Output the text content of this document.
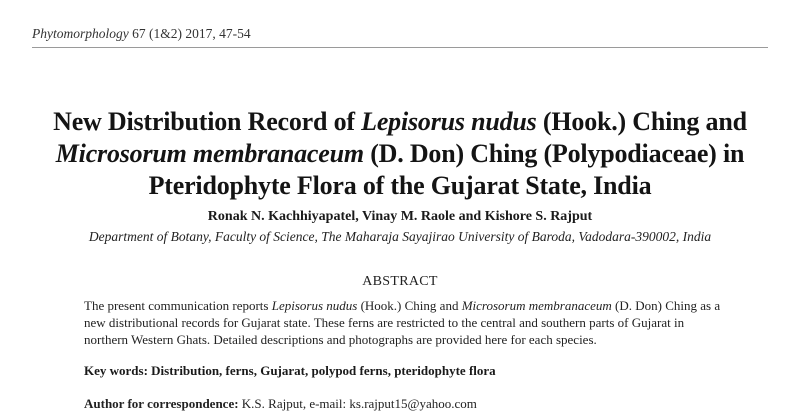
Phytomorphology 67 (1&2) 2017, 47-54
New Distribution Record of Lepisorus nudus (Hook.) Ching and
Microsorum membranaceum (D. Don) Ching (Polypodiaceae) in
Pteridophyte Flora of the Gujarat State, India
Ronak N. Kachhiyapatel, Vinay M. Raole and Kishore S. Rajput
Department of Botany, Faculty of Science, The Maharaja Sayajirao University of Baroda, Vadodara-390002, India
ABSTRACT
The present communication reports Lepisorus nudus (Hook.) Ching and Microsorum membranaceum (D. Don) Ching as a new distributional records for Gujarat state. These ferns are restricted to the central and southern parts of Gujarat in northern Western Ghats. Detailed descriptions and photographs are provided here for each species.
Key words: Distribution, ferns, Gujarat, polypod ferns, pteridophyte flora
Author for correspondence: K.S. Rajput, e-mail: ks.rajput15@yahoo.com
